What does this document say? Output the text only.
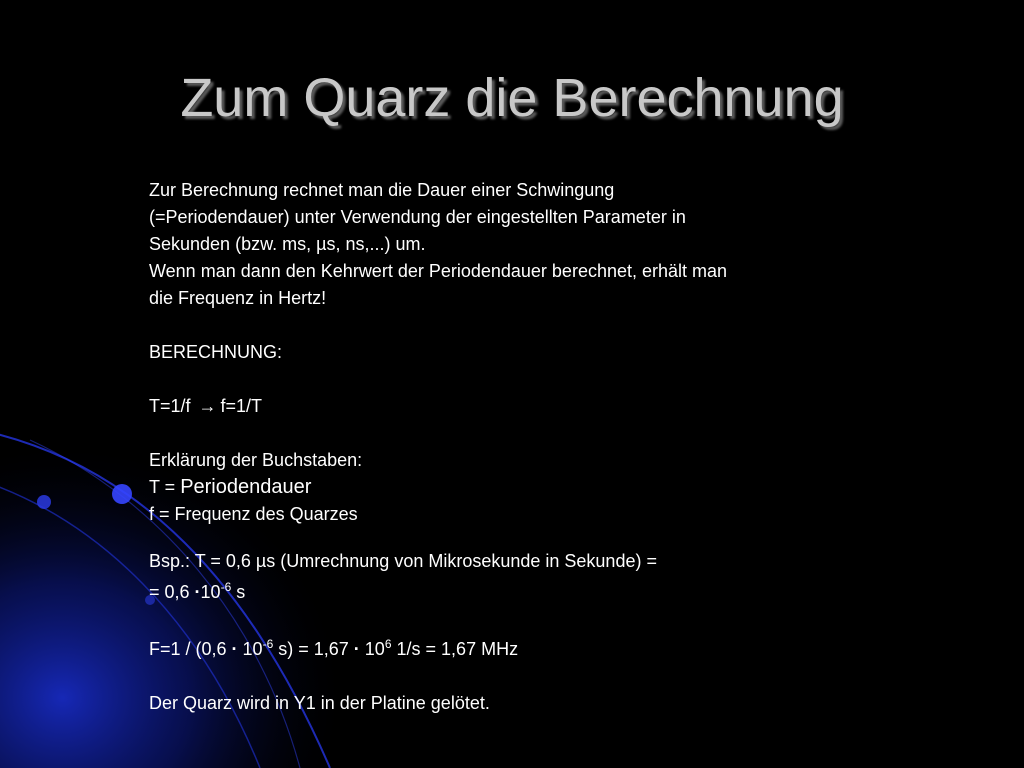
Zum Quarz die Berechnung

Zur Berechnung rechnet man die Dauer einer Schwingung

(=Periodendauer) unter Verwendung der eingestellten Parameter in

Sekunden (bzw. ms, µs, ns,...) um.

Wenn man dann den Kehrwert der Periodendauer berechnet, erhält man

die Frequenz in Hertz!

BERECHNUNG:

T=1/f → f=1/T

Erklärung der Buchstaben:

T = Periodendauer

f = Frequenz des Quarzes

Bsp.: T = 0,6 µs (Umrechnung von Mikrosekunde in Sekunde) =

= $0,6 \cdot 10^{-6}$ s

$F=1 / (0,6 \cdot 10^{-6}$ $s) = 1,67 \cdot 10^6$ 1/s = 1,67 MHz

Der Quarz wird in Y1 in der Platine gelötet.
